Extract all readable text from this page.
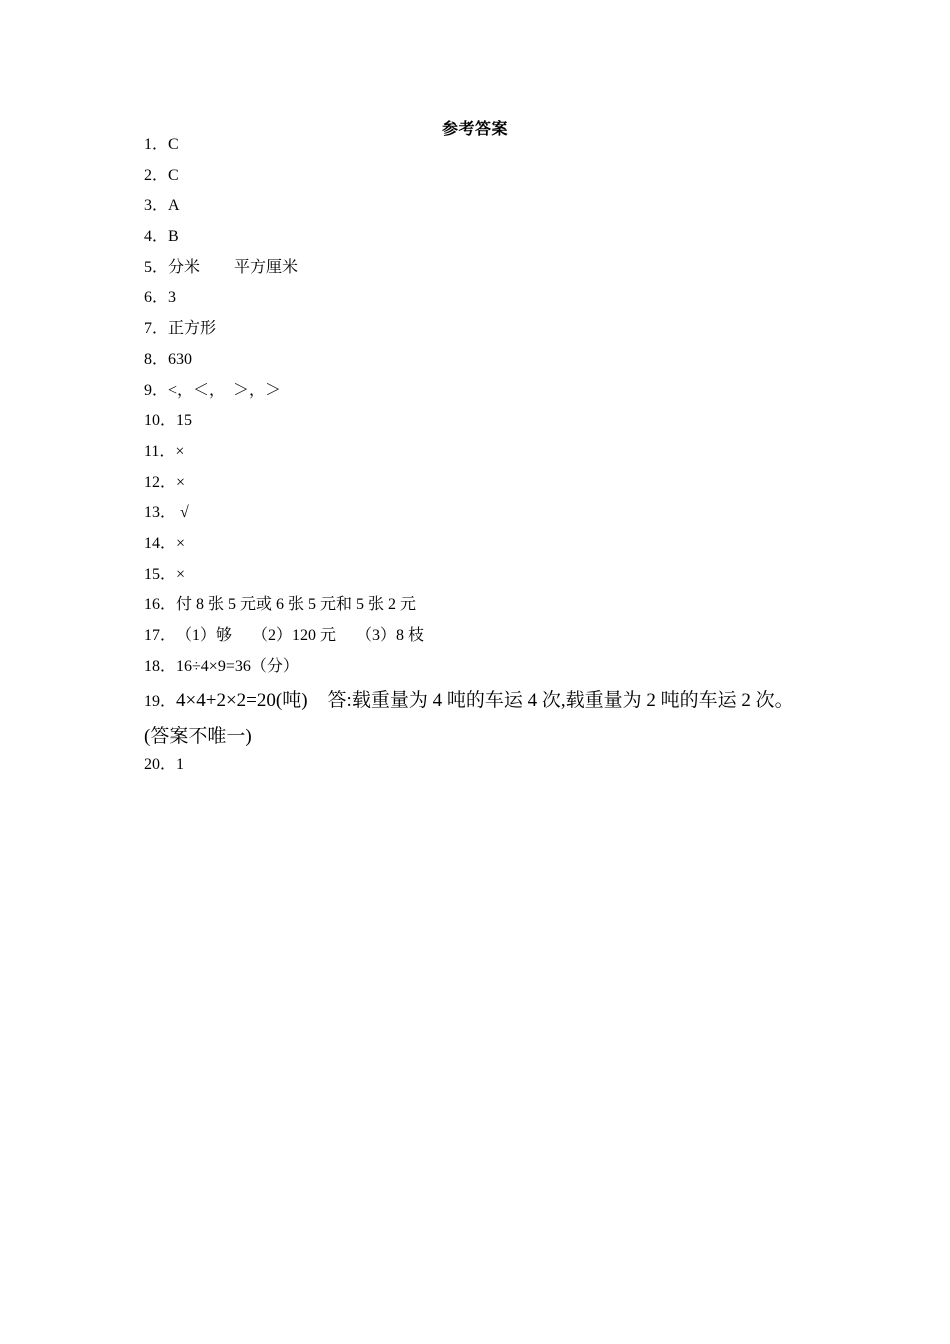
参考答案
1．C
2．C
3．A
4．B
5．分米 平方厘米
6．3
7．正方形
8．630
9．<，＜，  ＞，＞
10．15
11．×
12．×
13． √
14．×
15．×
16．付 8 张 5 元或 6 张 5 元和 5 张 2 元
17．（1）够 （2）120 元 （3）8 枝
18．16÷4×9=36（分）
19．4×4+2×2=20(吨) 答:载重量为 4 吨的车运 4 次,载重量为 2 吨的车运 2 次。
(答案不唯一)
20．1
